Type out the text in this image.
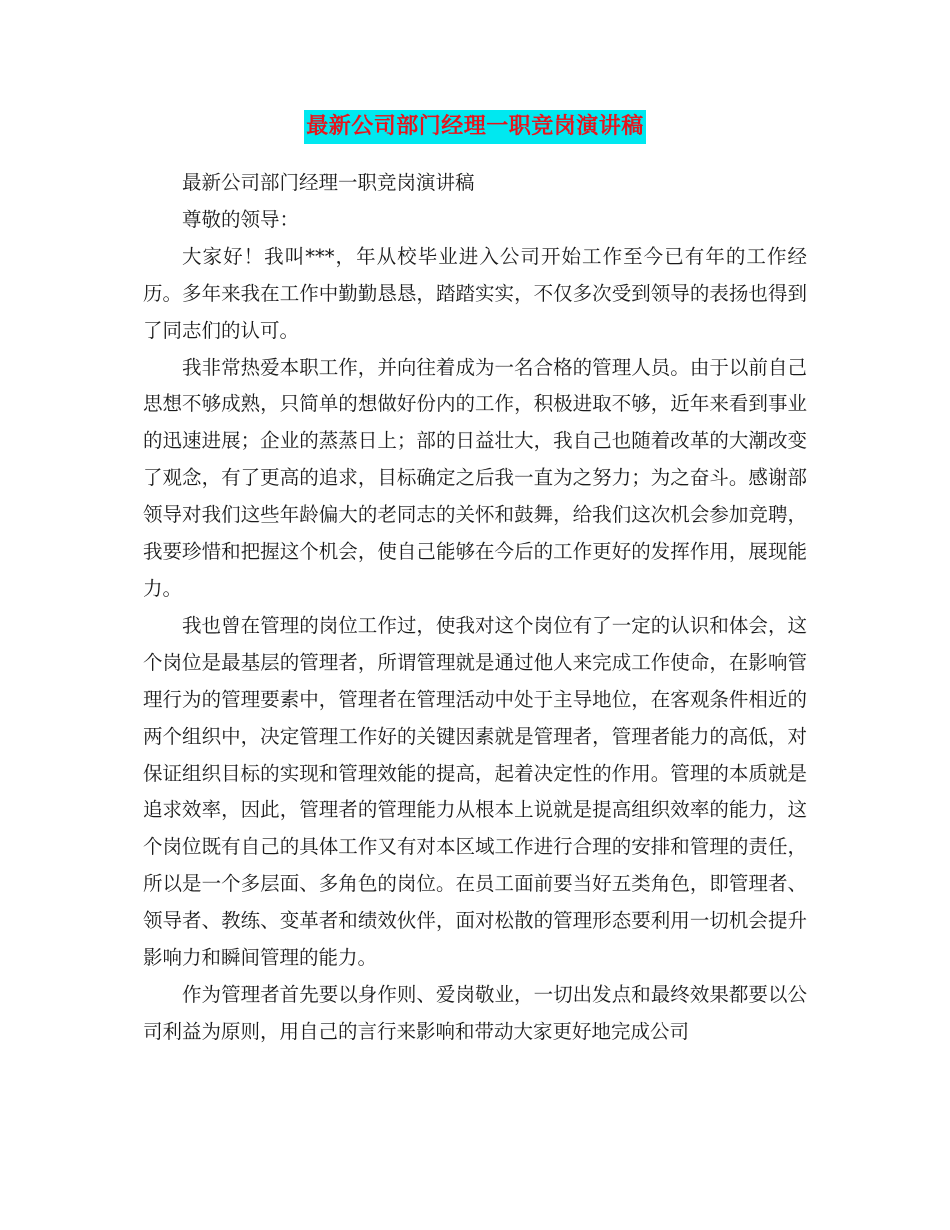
最新公司部门经理一职竞岗演讲稿

最新公司部门经理一职竞岗演讲稿

尊敬的领导：

大家好！我叫***，年从校毕业进入公司开始工作至今已有年的工作经历。多年来我在工作中勤勤恳恳，踏踏实实，不仅多次受到领导的表扬也得到了同志们的认可。

我非常热爱本职工作，并向往着成为一名合格的管理人员。由于以前自己思想不够成熟，只简单的想做好份内的工作，积极进取不够，近年来看到事业的迅速进展；企业的蒸蒸日上；部的日益壮大，我自己也随着改革的大潮改变了观念，有了更高的追求，目标确定之后我一直为之努力；为之奋斗。感谢部领导对我们这些年龄偏大的老同志的关怀和鼓舞，给我们这次机会参加竞聘，我要珍惜和把握这个机会，使自己能够在今后的工作更好的发挥作用，展现能力。

我也曾在管理的岗位工作过，使我对这个岗位有了一定的认识和体会，这个岗位是最基层的管理者，所谓管理就是通过他人来完成工作使命，在影响管理行为的管理要素中，管理者在管理活动中处于主导地位，在客观条件相近的两个组织中，决定管理工作好的关键因素就是管理者，管理者能力的高低，对保证组织目标的实现和管理效能的提高，起着决定性的作用。管理的本质就是追求效率，因此，管理者的管理能力从根本上说就是提高组织效率的能力，这个岗位既有自己的具体工作又有对本区域工作进行合理的安排和管理的责任，所以是一个多层面、多角色的岗位。在员工面前要当好五类角色，即管理者、领导者、教练、变革者和绩效伙伴，面对松散的管理形态要利用一切机会提升影响力和瞬间管理的能力。

作为管理者首先要以身作则、爱岗敬业，一切出发点和最终效果都要以公司利益为原则，用自己的言行来影响和带动大家更好地完成公司
